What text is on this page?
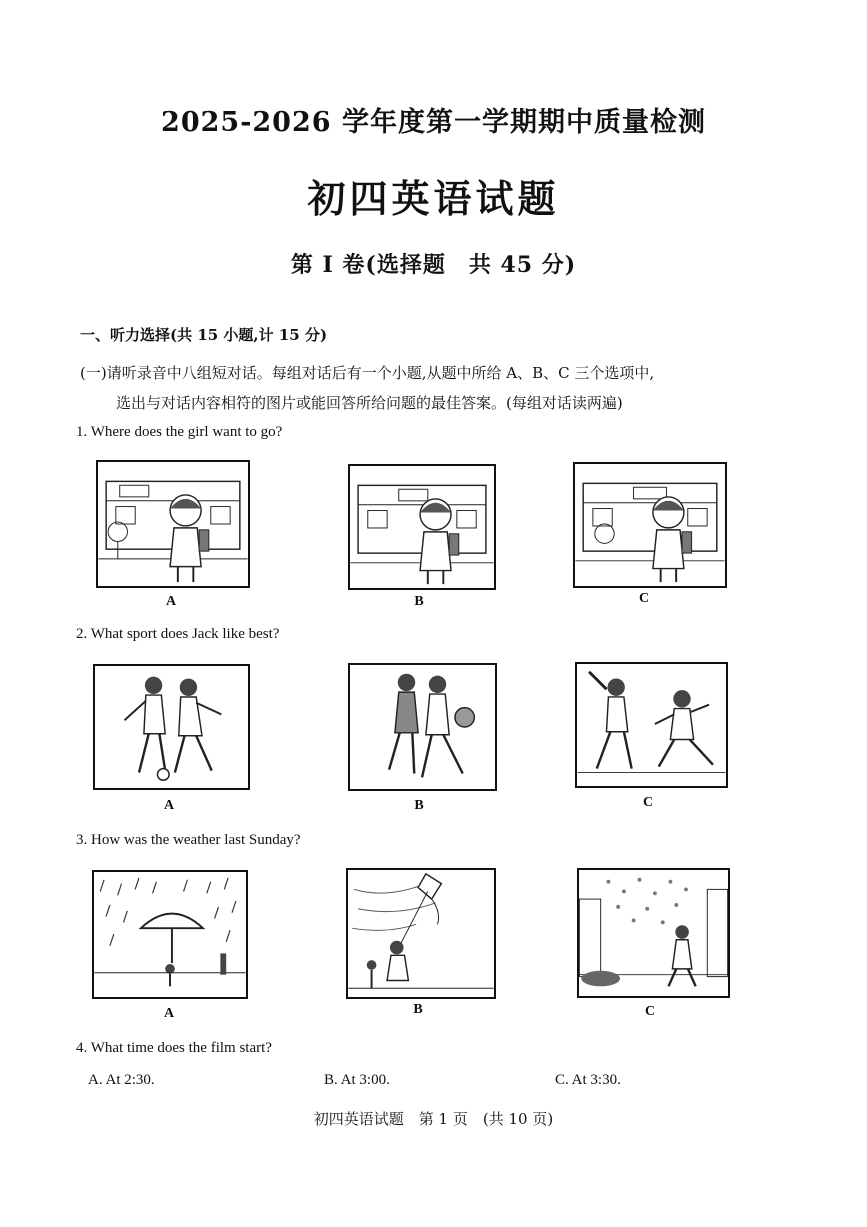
2025-2026 学年度第一学期期中质量检测
初四英语试题
第 I 卷(选择题　共 45 分)
一、听力选择(共 15 小题,计 15 分)
(一)请听录音中八组短对话。每组对话后有一个小题,从题中所给 A、B、C 三个选项中,
选出与对话内容相符的图片或能回答所给问题的最佳答案。(每组对话读两遍)
1. Where does the girl want to go?
A	B	C
2. What sport does Jack like best?
A	B	C
3. How was the weather last Sunday?
A	B	C
4. What time does the film start?
A. At 2:30.	B. At 3:00.	C. At 3:30.
初四英语试题　第 1 页　(共 10 页)
